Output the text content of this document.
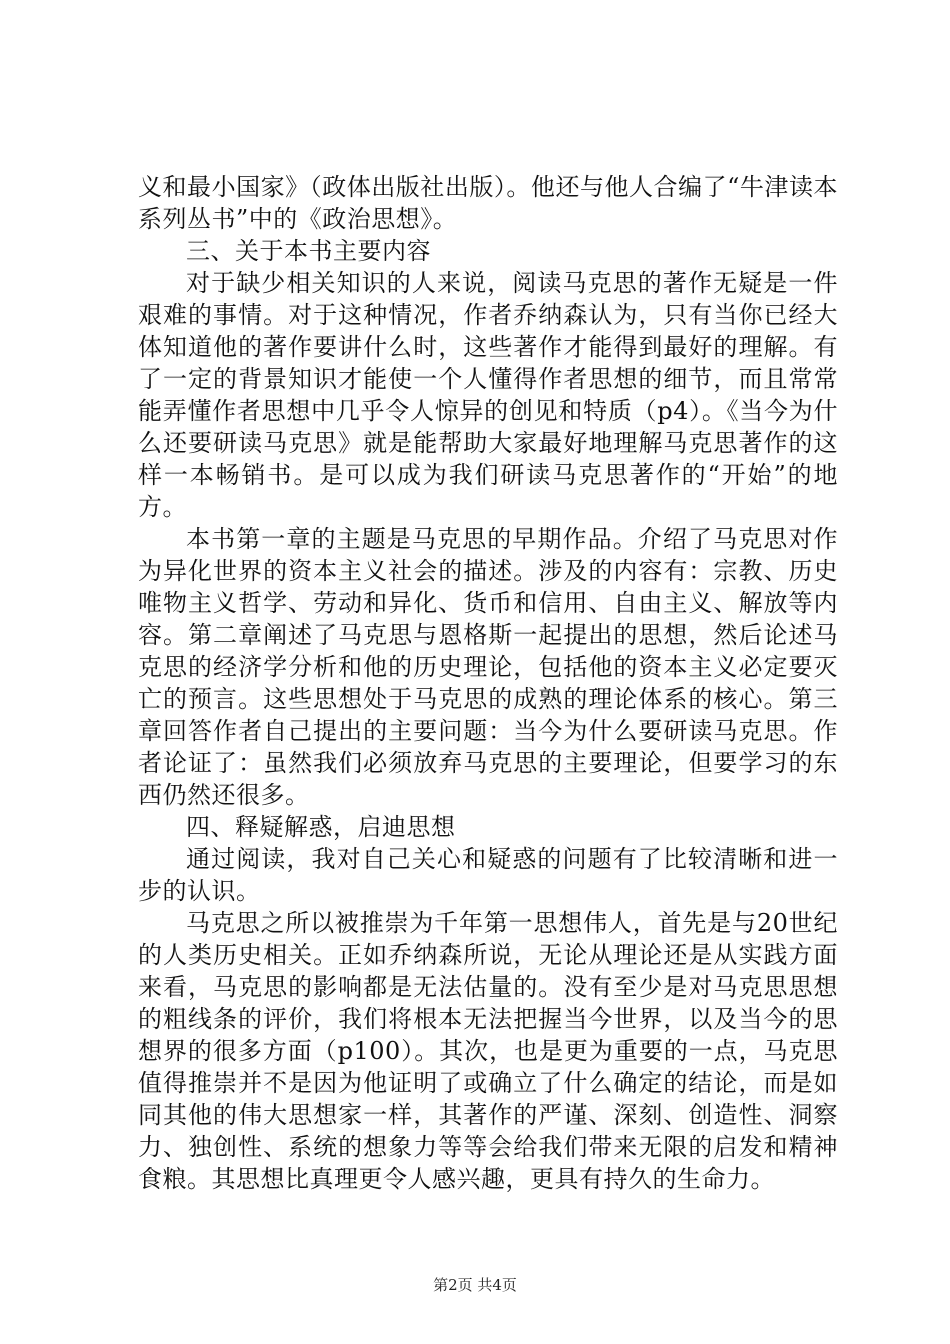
义和最小国家》（政体出版社出版）。他还与他人合编了“牛津读本系列丛书”中的《政治思想》。

三、关于本书主要内容

对于缺少相关知识的人来说，阅读马克思的著作无疑是一件艰难的事情。对于这种情况，作者乔纳森认为，只有当你已经大体知道他的著作要讲什么时，这些著作才能得到最好的理解。有了一定的背景知识才能使一个人懂得作者思想的细节，而且常常能弄懂作者思想中几乎令人惊异的创见和特质（p4）。《当今为什么还要研读马克思》就是能帮助大家最好地理解马克思著作的这样一本畅销书。是可以成为我们研读马克思著作的“开始”的地方。

本书第一章的主题是马克思的早期作品。介绍了马克思对作为异化世界的资本主义社会的描述。涉及的内容有：宗教、历史唯物主义哲学、劳动和异化、货币和信用、自由主义、解放等内容。第二章阐述了马克思与恩格斯一起提出的思想，然后论述马克思的经济学分析和他的历史理论，包括他的资本主义必定要灭亡的预言。这些思想处于马克思的成熟的理论体系的核心。第三章回答作者自己提出的主要问题：当今为什么要研读马克思。作者论证了：虽然我们必须放弃马克思的主要理论，但要学习的东西仍然还很多。

四、释疑解惑，启迪思想

通过阅读，我对自己关心和疑惑的问题有了比较清晰和进一步的认识。

马克思之所以被推崇为千年第一思想伟人，首先是与20世纪的人类历史相关。正如乔纳森所说，无论从理论还是从实践方面来看，马克思的影响都是无法估量的。没有至少是对马克思思想的粗线条的评价，我们将根本无法把握当今世界，以及当今的思想界的很多方面（p100）。其次，也是更为重要的一点，马克思值得推崇并不是因为他证明了或确立了什么确定的结论，而是如同其他的伟大思想家一样，其著作的严谨、深刻、创造性、洞察力、独创性、系统的想象力等等会给我们带来无限的启发和精神食粮。其思想比真理更令人感兴趣，更具有持久的生命力。

第2页 共4页
